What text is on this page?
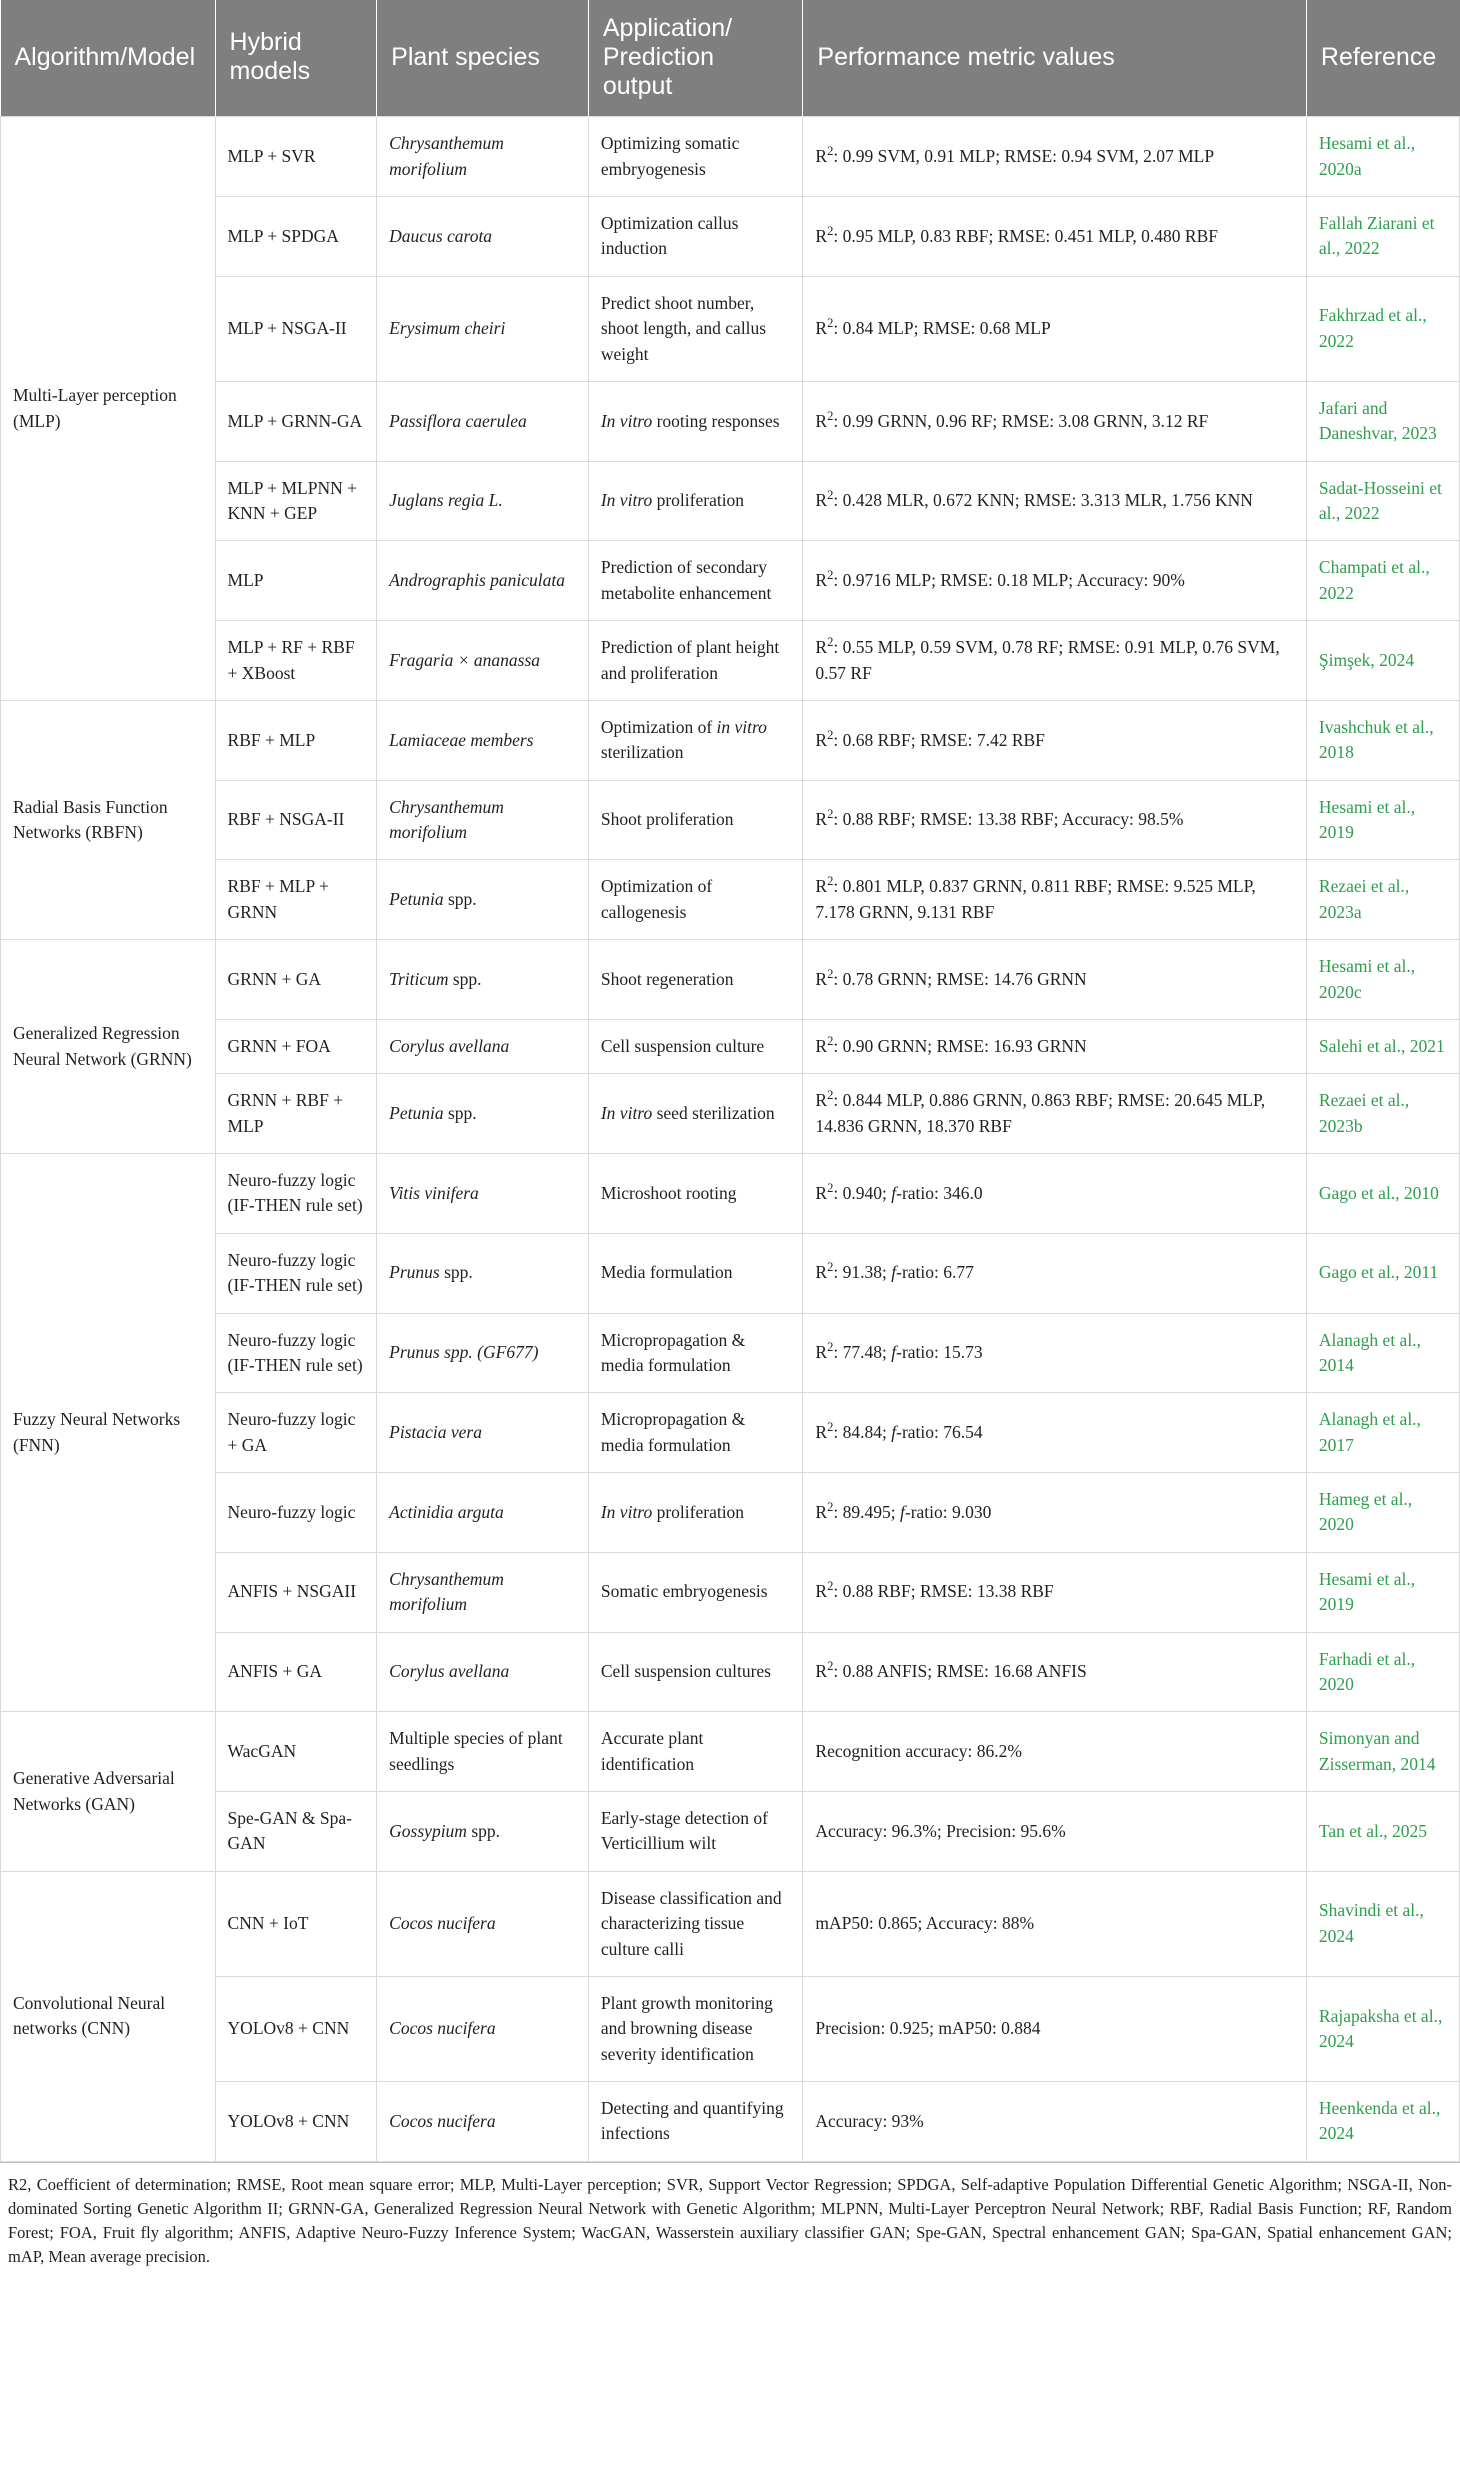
Algorithm/Model	Hybrid models	Plant species	Application/ Prediction output	Performance metric values	Reference
Multi-Layer perception (MLP)	MLP + SVR	Chrysanthemum morifolium	Optimizing somatic embryogenesis	$R^2$: 0.99 SVM, 0.91 MLP; RMSE: 0.94 SVM, 2.07 MLP	Hesami et al., 2020a
	MLP + SPDGA	Daucus carota	Optimization callus induction	$R^2$: 0.95 MLP, 0.83 RBF; RMSE: 0.451 MLP, 0.480 RBF	Fallah Ziarani et al., 2022
	MLP + NSGA-II	Erysimum cheiri	Predict shoot number, shoot length, and callus weight	$R^2$: 0.84 MLP; RMSE: 0.68 MLP	Fakhrzad et al., 2022
	MLP + GRNN-GA	Passiflora caerulea	In vitro rooting responses	$R^2$: 0.99 GRNN, 0.96 RF; RMSE: 3.08 GRNN, 3.12 RF	Jafari and Daneshvar, 2023
	MLP + MLPNN + KNN + GEP	Juglans regia L.	In vitro proliferation	$R^2$: 0.428 MLR, 0.672 KNN; RMSE: 3.313 MLR, 1.756 KNN	Sadat-Hosseini et al., 2022
	MLP	Andrographis paniculata	Prediction of secondary metabolite enhancement	$R^2$: 0.9716 MLP; RMSE: 0.18 MLP; Accuracy: 90%	Champati et al., 2022
	MLP + RF + RBF + XBoost	Fragaria × ananassa	Prediction of plant height and proliferation	$R^2$: 0.55 MLP, 0.59 SVM, 0.78 RF; RMSE: 0.91 MLP, 0.76 SVM, 0.57 RF	Şimşek, 2024
Radial Basis Function Networks (RBFN)	RBF + MLP	Lamiaceae members	Optimization of in vitro sterilization	$R^2$: 0.68 RBF; RMSE: 7.42 RBF	Ivashchuk et al., 2018
	RBF + NSGA-II	Chrysanthemum morifolium	Shoot proliferation	$R^2$: 0.88 RBF; RMSE: 13.38 RBF; Accuracy: 98.5%	Hesami et al., 2019
	RBF + MLP + GRNN	Petunia spp.	Optimization of callogenesis	$R^2$: 0.801 MLP, 0.837 GRNN, 0.811 RBF; RMSE: 9.525 MLP, 7.178 GRNN, 9.131 RBF	Rezaei et al., 2023a
Generalized Regression Neural Network (GRNN)	GRNN + GA	Triticum spp.	Shoot regeneration	$R^2$: 0.78 GRNN; RMSE: 14.76 GRNN	Hesami et al., 2020c
	GRNN + FOA	Corylus avellana	Cell suspension culture	$R^2$: 0.90 GRNN; RMSE: 16.93 GRNN	Salehi et al., 2021
	GRNN + RBF + MLP	Petunia spp.	In vitro seed sterilization	$R^2$: 0.844 MLP, 0.886 GRNN, 0.863 RBF; RMSE: 20.645 MLP, 14.836 GRNN, 18.370 RBF	Rezaei et al., 2023b
Fuzzy Neural Networks (FNN)	Neuro-fuzzy logic (IF-THEN rule set)	Vitis vinifera	Microshoot rooting	$R^2$: 0.940; f-ratio: 346.0	Gago et al., 2010
	Neuro-fuzzy logic (IF-THEN rule set)	Prunus spp.	Media formulation	$R^2$: 91.38; f-ratio: 6.77	Gago et al., 2011
	Neuro-fuzzy logic (IF-THEN rule set)	Prunus spp. (GF677)	Micropropagation & media formulation	$R^2$: 77.48; f-ratio: 15.73	Alanagh et al., 2014
	Neuro-fuzzy logic + GA	Pistacia vera	Micropropagation & media formulation	$R^2$: 84.84; f-ratio: 76.54	Alanagh et al., 2017
	Neuro-fuzzy logic	Actinidia arguta	In vitro proliferation	$R^2$: 89.495; f-ratio: 9.030	Hameg et al., 2020
	ANFIS + NSGAII	Chrysanthemum morifolium	Somatic embryogenesis	$R^2$: 0.88 RBF; RMSE: 13.38 RBF	Hesami et al., 2019
	ANFIS + GA	Corylus avellana	Cell suspension cultures	$R^2$: 0.88 ANFIS; RMSE: 16.68 ANFIS	Farhadi et al., 2020
Generative Adversarial Networks (GAN)	WacGAN	Multiple species of plant seedlings	Accurate plant identification	Recognition accuracy: 86.2%	Simonyan and Zisserman, 2014
	Spe-GAN & Spa-GAN	Gossypium spp.	Early-stage detection of Verticillium wilt	Accuracy: 96.3%; Precision: 95.6%	Tan et al., 2025
Convolutional Neural networks (CNN)	CNN + IoT	Cocos nucifera	Disease classification and characterizing tissue culture calli	mAP50: 0.865; Accuracy: 88%	Shavindi et al., 2024
	YOLOv8 + CNN	Cocos nucifera	Plant growth monitoring and browning disease severity identification	Precision: 0.925; mAP50: 0.884	Rajapaksha et al., 2024
	YOLOv8 + CNN	Cocos nucifera	Detecting and quantifying infections	Accuracy: 93%	Heenkenda et al., 2024
R2, Coefficient of determination; RMSE, Root mean square error; MLP, Multi-Layer perception; SVR, Support Vector Regression; SPDGA, Self-adaptive Population Differential Genetic Algorithm; NSGA-II, Non-dominated Sorting Genetic Algorithm II; GRNN-GA, Generalized Regression Neural Network with Genetic Algorithm; MLPNN, Multi-Layer Perceptron Neural Network; RBF, Radial Basis Function; RF, Random Forest; FOA, Fruit fly algorithm; ANFIS, Adaptive Neuro-Fuzzy Inference System; WacGAN, Wasserstein auxiliary classifier GAN; Spe-GAN, Spectral enhancement GAN; Spa-GAN, Spatial enhancement GAN; mAP, Mean average precision.
